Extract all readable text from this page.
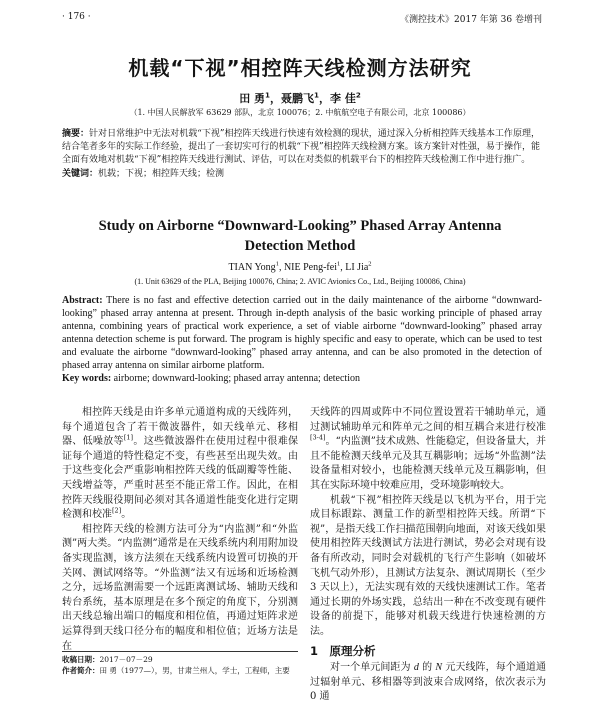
· 176 ·	《测控技术》2017 年第 36 卷增刊
机载“下视”相控阵天线检测方法研究
田 勇$^1$，聂鹏飞$^1$，李 佳$^2$
（1. 中国人民解放军 63629 部队，北京 100076；2. 中航航空电子有限公司，北京 100086）

摘要：针对日常维护中无法对机载“下视”相控阵天线进行快速有效检测的现状，通过深入分析相控阵天线基本工作原理，结合笔者多年的实际工作经验，提出了一套切实可行的机载“下视”相控阵天线检测方案。该方案针对性强，易于操作，能全面有效地对机载“下视”相控阵天线进行测试、评估，可以在对类似的机载平台下的相控阵天线检测工作中进行推广。

关键词：机载；下视；相控阵天线；检测

Study on Airborne “Downward-Looking” Phased Array Antenna
Detection Method
TIAN Yong$^1$, NIE Peng-fei$^1$, LI Jia$^2$
(1. Unit 63629 of the PLA, Beijing 100076, China; 2. AVIC Avionics Co., Ltd., Beijing 100086, China)

Abstract: There is no fast and effective detection carried out in the daily maintenance of the airborne “downward-looking” phased array antenna at present. Through in-depth analysis of the basic working principle of phased array antenna, combining years of practical work experience, a set of viable airborne “downward-looking” phased array antenna detection scheme is put forward. The program is highly specific and easy to operate, which can be used to test and evaluate the airborne “downward-looking” phased array antenna, and can be also promoted in the detection of phased array antenna on similar airborne platform.

Key words: airborne; downward-looking; phased array antenna; detection

相控阵天线是由许多单元通道构成的天线阵列，每个通道包含了若干微波器件，如天线单元、移相器、低噪放等[1]。这些微波器件在使用过程中很难保证每个通道的特性稳定不变，有些甚至出现失效。由于这些变化会严重影响相控阵天线的低副瓣等性能、天线增益等，严重时甚至不能正常工作。因此，在相控阵天线服役期间必须对其各通道性能变化进行定期检测和校准[2]。

相控阵天线的检测方法可分为“内监测”和“外监测”两大类。“内监测”通常是在天线系统内利用附加设备实现监测，该方法须在天线系统内设置可切换的开关网、测试网络等。“外监测”法又有远场和近场检测之分，远场监测需要一个远距离测试场、辅助天线和转台系统，基本原理是在多个预定的角度下，分别测出天线总输出端口的幅度和相位值，再通过矩阵求逆运算得到天线口径分布的幅度和相位值；近场方法是在

收稿日期：2017－07－29
作者简介：田 勇（1977—），男，甘肃兰州人，学士，工程师，主要

天线阵的四周或阵中不同位置设置若干辅助单元，通过测试辅助单元和阵单元之间的相互耦合来进行校准[3-4]。“内监测”技术成熟、性能稳定，但设备量大，并且不能检测天线单元及其互耦影响；远场“外监测”法设备量相对较小，也能检测天线单元及互耦影响，但其在实际环境中较难应用，受环境影响较大。

机载“下视”相控阵天线是以飞机为平台，用于完成目标跟踪、测量工作的新型相控阵天线。所谓“下视”，是指天线工作扫描范围朝向地面，对该天线如果使用相控阵天线测试方法进行测试，势必会对现有设备有所改动，同时会对载机的飞行产生影响（如破坏飞机气动外形），且测试方法复杂、测试周期长（至少 3 天以上），无法实现有效的天线快速测试工作。笔者通过长期的外场实践，总结出一种在不改变现有硬件设备的前提下，能够对机载天线进行快速检测的方法。

1　原理分析

对一个单元间距为 d 的 N 元天线阵，每个通道通过辐射单元、移相器等到波束合成网络，依次表示为 0 通
